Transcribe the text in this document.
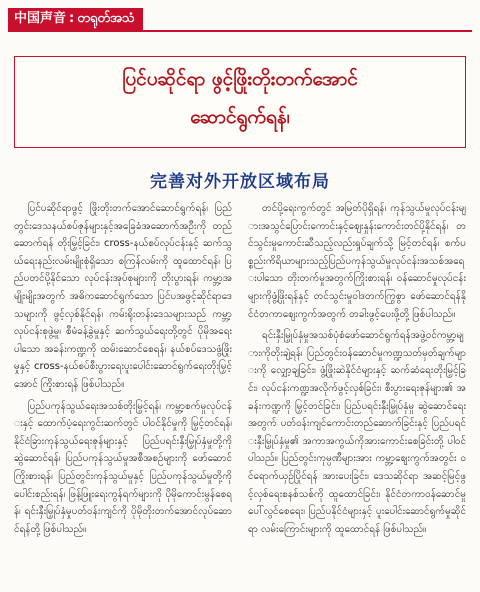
中国声音 : တရုတ်အသံ
ပြင်ပဆိုင်ရာ ဖွင့်ဖြိုးတိုးတက်အောင်
ဆောင်ရွက်ရန်၊
完善对外开放区域布局

ပြင်ပဆိုင်ရာဖွင့် ဖြိုးတိုးတက်အောင်ဆောင်ရွက်ရန်၊ ပြည်တွင်းဒေသနယ်စပ်ဇုန်များနှင့်အခြေခံအဆောက်အဦးကို တည်ဆောက်ရန် တိုးမြှင့်ခြင်း၊ cross-နယ်စပ်လုပ်ငန်းနှင့် ဆက်သွယ်ရေးနည်းလမ်းမျိုးစုံရှိသော စကြန်လမ်းကို ထူထောင်ရန်၊ ပြည်ပတင်ပို့နိုင်သော လုပ်ငန်းအုပ်စုများကို တိုးပွားရန်၊ ကမ္ဘာ့အမျိုးမျိုးအတွက် အဓိကဆောင်ရွက်သော ပြင်ပအဖွင့်ဆိုင်ရာဒေသများကို ဖွင့်လှစ်နိုင်ရန်၊ ကမ်းရိုးတန်းဒေသများသည် ကမ္ဘာ့လုပ်ငန်းစုဖွဲ့မှု၊ စီမံခန့်ခွဲမှုနှင့် ဆက်သွယ်ရေးတို့တွင် ပိုမိုအရေးပါသော အခန်းကဏ္ဍကို ထမ်းဆောင်စေရန်၊ နယ်စပ်ဒေသဖွံ့ဖြိုးမှုနှင့် cross-နယ်စပ်စီးပွားရေးပူးပေါင်းဆောင်ရွက်ရေးတိုးမြှင့်အောင် ကြိုးစားရန် ဖြစ်ပါသည်။

ပြည်ပကုန်သွယ်ရေးအသစ်တိုးမြှင့်ရန်၊ ကမ္ဘာ့စက်မှုလုပ်ငန်းနှင့် ထောက်ပံ့ရေးကွင်းဆက်တွင် ပါဝင်နိုင်မှုကို မြှင့်တင်ရန်၊ နိုင်ငံခြားကုန်သွယ်ရေးဇုန်များနှင့် ပြည်ပရင်းနှီးမြှုပ်နှံမှုတို့ကို ဆွဲဆောင်ရန်၊ ပြည်ပကုန်သွယ်မှုအစီအစဉ်များကို ဖော်ဆောင်ကြိုးစားရန်၊ ပြည်တွင်းကုန်သွယ်မှုနှင့် ပြည်ပကုန်သွယ်မှုတို့ကို ပေါင်းစည်းရန်၊ ဖြန့်ဖြူးရေးကွန်ရက်များကို ပိုမိုကောင်းမွန်စေရန်၊ ရင်းနှီးမြှုပ်နှံမှုပတ်ဝန်းကျင်ကို ပိုမိုတိုးတက်အောင်လုပ်ဆောင်ရန်တို့ ဖြစ်ပါသည်။

တင်ပို့ရေးကွက်တွင် အမြတ်ပိုရှိရန်၊ ကုန်သွယ်မှုလုပ်ငန်းများအသွင်ပြောင်းကောင်းနှင့်ဈေးနှုန်းကောင်းတင်ပို့နိုင်ရန်၊ တင်သွင်းမှုကောင်းဆီသည့်လည်းရှုပ်ချက်သို့ မြင့်တင်ရန်၊ စက်ပစ္စည်းကိရိယာများသည့်ပြည်ပကုန်သွယ်မှုလုပ်ငန်းအသစ်အရေးပါသော တိုးတက်မှုအတွက်ကြိုးစားရန်၊ ဝန်ဆောင်မှုလုပ်ငန်းများကိုဖွံ့ဖြိုးရန်နှင့် တင်သွင်းမှုဝါဒတက်ကြွစွာ ဖော်ဆောင်ရန်နိုင်ငံတကာဈေးကွက်အတွက် တခါးဖွင့်ပေးဖို့တို့ ဖြစ်ပါသည်။

ရင်းနှီးမြှုပ်နှံမှုအသစ်ပုံစံဖော်ဆောင်ရွက်ရန်အဖွဲ့ဝင်ကမ္ဘာ့များကိုတိုးချဲ့ရန်၊ ပြည်တွင်းဝန်ဆောင်မှုကဏ္ဍသတ်မှတ်ချက်များကို လျှော့ချခြင်း၊ ဖွံ့ဖြိုးဆဲနိုင်ငံများနှင့် ဆက်ဆံရေးတိုးမြှင့်ခြင်း၊ လုပ်ငန်းကဏ္ဍအလိုက်ဖွင့်လှစ်ခြင်း၊ စီးပွားရေးဇုန်များ၏ အခန်းကဏ္ဍကို မြှင့်တင်ခြင်း၊ ပြည်ပရင်းနှီးမြှုပ်နှံမှု ဆွဲဆောင်ရေးအတွက် ပတ်ဝန်းကျင်ကောင်းတည်ဆောက်ခြင်းနှင့် ပြည်ပရင်းနှီးမြှုပ်နှံမှု၏ အကာအကွယ်ကိုအားကောင်းစေခြင်းတို့ ပါဝင်ပါသည်။ ပြည်တွင်းကုမ္ပဏီများအား ကမ္ဘာ့ဈေးကွက်အတွင်း ဝင်ရောက်ယှဉ်ပြိုင်ရန် အားပေးခြင်း၊ ဒေသဆိုင်ရာ အဆင့်မြင့်ဖွင့်လှစ်ရေးစနစ်သစ်ကို ထူထောင်ခြင်း၊ နိုင်ငံတကာဝန်ဆောင်မှုပေါ်လွင်စေရေး၊ ပြည်ပနိုင်ငံများနှင့် ပူးပေါင်းဆောင်ရွက်မှုဆိုင်ရာ လမ်းကြောင်းများကို ထူထောင်ရန် ဖြစ်ပါသည်။
